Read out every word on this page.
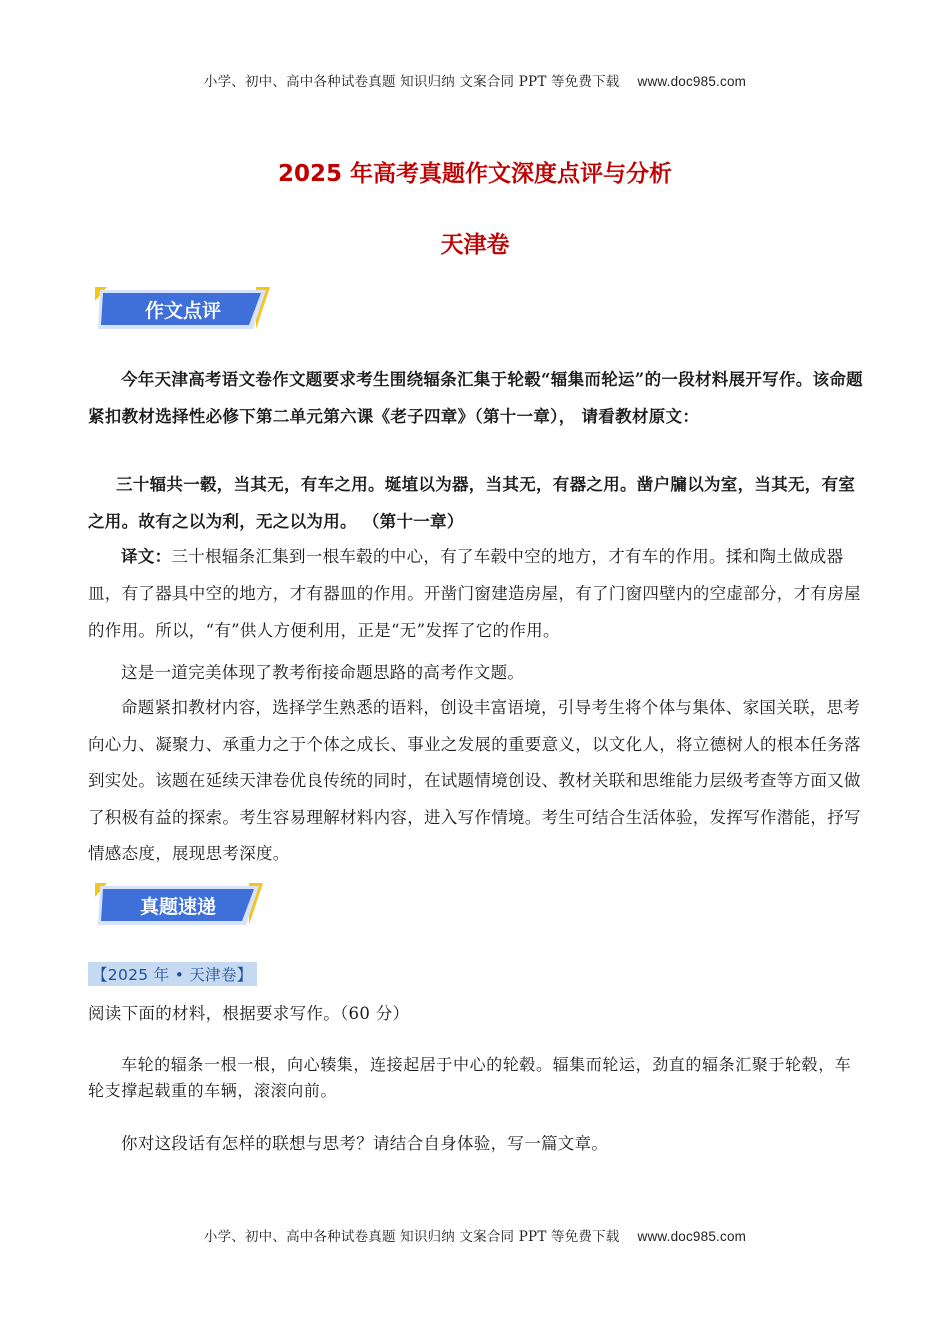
小学、初中、高中各种试卷真题 知识归纳 文案合同 PPT 等免费下载 www.doc985.com
2025 年高考真题作文深度点评与分析
天津卷
作文点评
今年天津高考语文卷作文题要求考生围绕辐条汇集于轮毂“辐集而轮运”的一段材料展开写作。该命题紧扣教材选择性必修下第二单元第六课《老子四章》（第十一章）， 请看教材原文：
三十辐共一毂，当其无，有车之用。埏埴以为器，当其无，有器之用。凿户牖以为室，当其无，有室之用。故有之以为利，无之以为用。 （第十一章）
译文：三十根辐条汇集到一根车毂的中心，有了车毂中空的地方，才有车的作用。揉和陶土做成器皿，有了器具中空的地方，才有器皿的作用。开凿门窗建造房屋，有了门窗四壁内的空虚部分，才有房屋的作用。所以，“有”供人方便利用，正是“无”发挥了它的作用。
这是一道完美体现了教考衔接命题思路的高考作文题。
命题紧扣教材内容，选择学生熟悉的语料，创设丰富语境，引导考生将个体与集体、家国关联，思考向心力、凝聚力、承重力之于个体之成长、事业之发展的重要意义，以文化人，将立德树人的根本任务落到实处。该题在延续天津卷优良传统的同时，在试题情境创设、教材关联和思维能力层级考查等方面又做了积极有益的探索。考生容易理解材料内容，进入写作情境。考生可结合生活体验，发挥写作潜能，抒写情感态度，展现思考深度。
真题速递
【2025 年 • 天津卷】
阅读下面的材料，根据要求写作。（60 分）
车轮的辐条一根一根，向心辏集，连接起居于中心的轮毂。辐集而轮运，劲直的辐条汇聚于轮毂，车轮支撑起载重的车辆，滚滚向前。
你对这段话有怎样的联想与思考？请结合自身体验，写一篇文章。
小学、初中、高中各种试卷真题 知识归纳 文案合同 PPT 等免费下载 www.doc985.com
